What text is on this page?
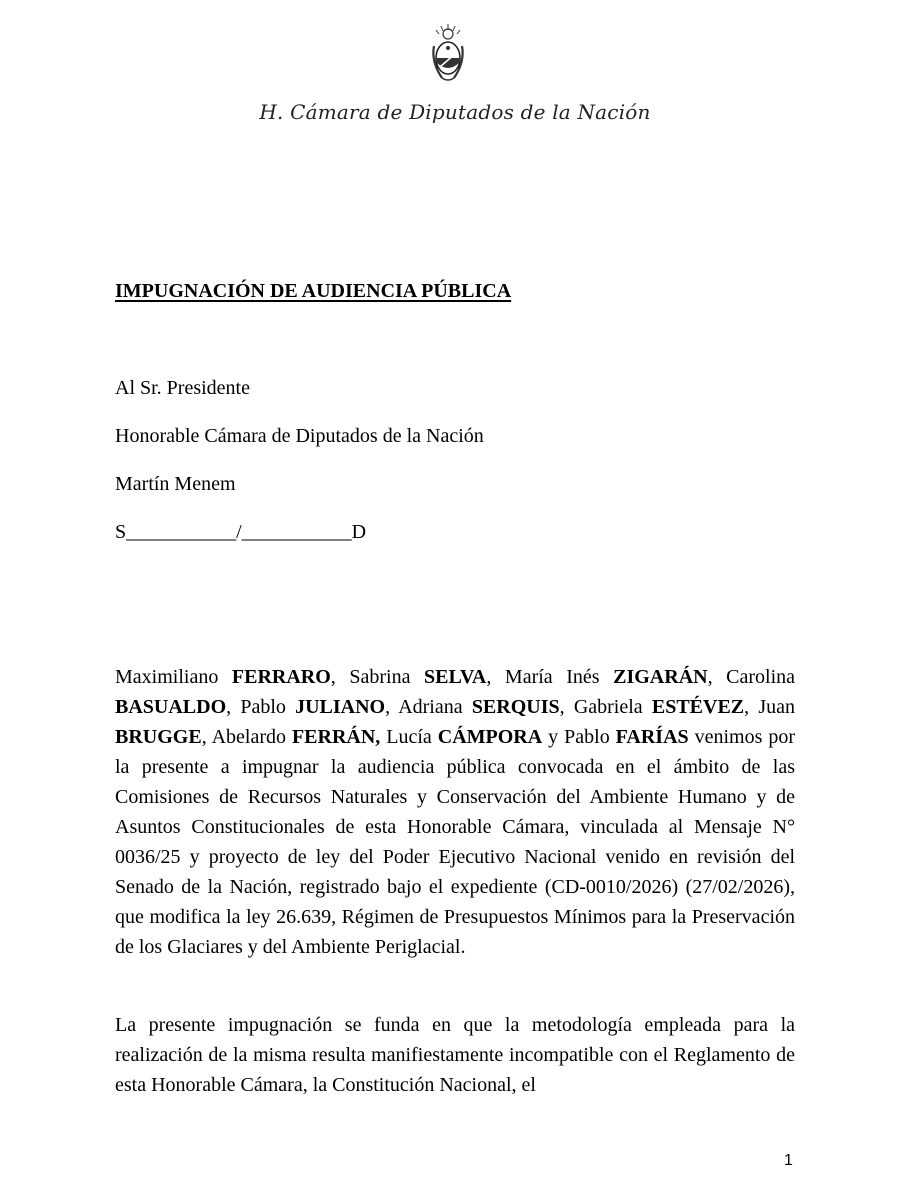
H. Cámara de Diputados de la Nación
IMPUGNACIÓN DE AUDIENCIA PÚBLICA
Al Sr. Presidente
Honorable Cámara de Diputados de la Nación
Martín Menem
S___________/___________D
Maximiliano FERRARO, Sabrina SELVA, María Inés ZIGARÁN, Carolina BASUALDO, Pablo JULIANO, Adriana SERQUIS, Gabriela ESTÉVEZ, Juan BRUGGE, Abelardo FERRÁN, Lucía CÁMPORA y Pablo FARÍAS venimos por la presente a impugnar la audiencia pública convocada en el ámbito de las Comisiones de Recursos Naturales y Conservación del Ambiente Humano y de Asuntos Constitucionales de esta Honorable Cámara, vinculada al Mensaje N° 0036/25 y proyecto de ley del Poder Ejecutivo Nacional venido en revisión del Senado de la Nación, registrado bajo el expediente (CD-0010/2026) (27/02/2026), que modifica la ley 26.639, Régimen de Presupuestos Mínimos para la Preservación de los Glaciares y del Ambiente Periglacial.
La presente impugnación se funda en que la metodología empleada para la realización de la misma resulta manifiestamente incompatible con el Reglamento de esta Honorable Cámara, la Constitución Nacional, el
1
